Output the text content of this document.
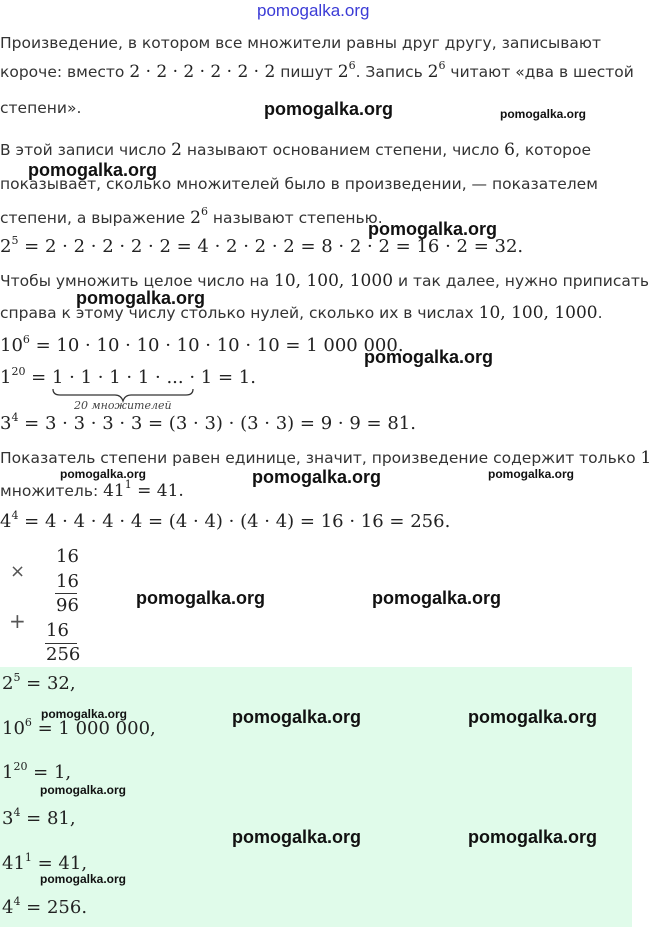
pomogalka.org
Произведение, в котором все множители равны друг другу, записывают
короче: вместо 2 · 2 · 2 · 2 · 2 · 2 пишут $2^6$. Запись $2^6$ читают «два в шестой
степени».
В этой записи число 2 называют основанием степени, число 6, которое
показывает, сколько множителей было в произведении, — показателем
степени, а выражение $2^6$ называют степенью.
$2^5 = 2 \cdot 2 \cdot 2 \cdot 2 \cdot 2 = 4 \cdot 2 \cdot 2 \cdot 2 = 8 \cdot 2 \cdot 2 = 16 \cdot 2 = 32$.
Чтобы умножить целое число на 10, 100, 1000 и так далее, нужно приписать
справа к этому числу столько нулей, сколько их в числах 10, 100, 1000.
$10^6 = 10 \cdot 10 \cdot 10 \cdot 10 \cdot 10 \cdot 10 = 1$ 000 000.
$1^{20} = 1 \cdot 1 \cdot 1 \cdot 1$ · ... · 1
20 множителей
= 1.
$3^4 = 3 \cdot 3 \cdot 3 \cdot 3 = (3 \cdot 3) \cdot (3 \cdot 3) = 9 \cdot 9 = 81$.
Показатель степени равен единице, значит, произведение содержит только 1
множитель: $41^1 = 41$.
$4^4 = 4 \cdot 4 \cdot 4 \cdot 4 = (4 \cdot 4) \cdot (4 \cdot 4) = 16 \cdot 16 = 256$.
×
+
16
16
96
16
256
$2^5 = 32$,
$10^6 = 1$ 000 000,
$1^{20} = 1$,
$3^4 = 81$,
$41^1 = 41$,
$4^4 = 256$.
pomogalka.org	pomogalka.org
pomogalka.org
pomogalka.org
pomogalka.org
pomogalka.org
pomogalka.org	pomogalka.org	pomogalka.org
pomogalka.org	pomogalka.org
pomogalka.org	pomogalka.org	pomogalka.org
pomogalka.org
pomogalka.org	pomogalka.org
pomogalka.org
